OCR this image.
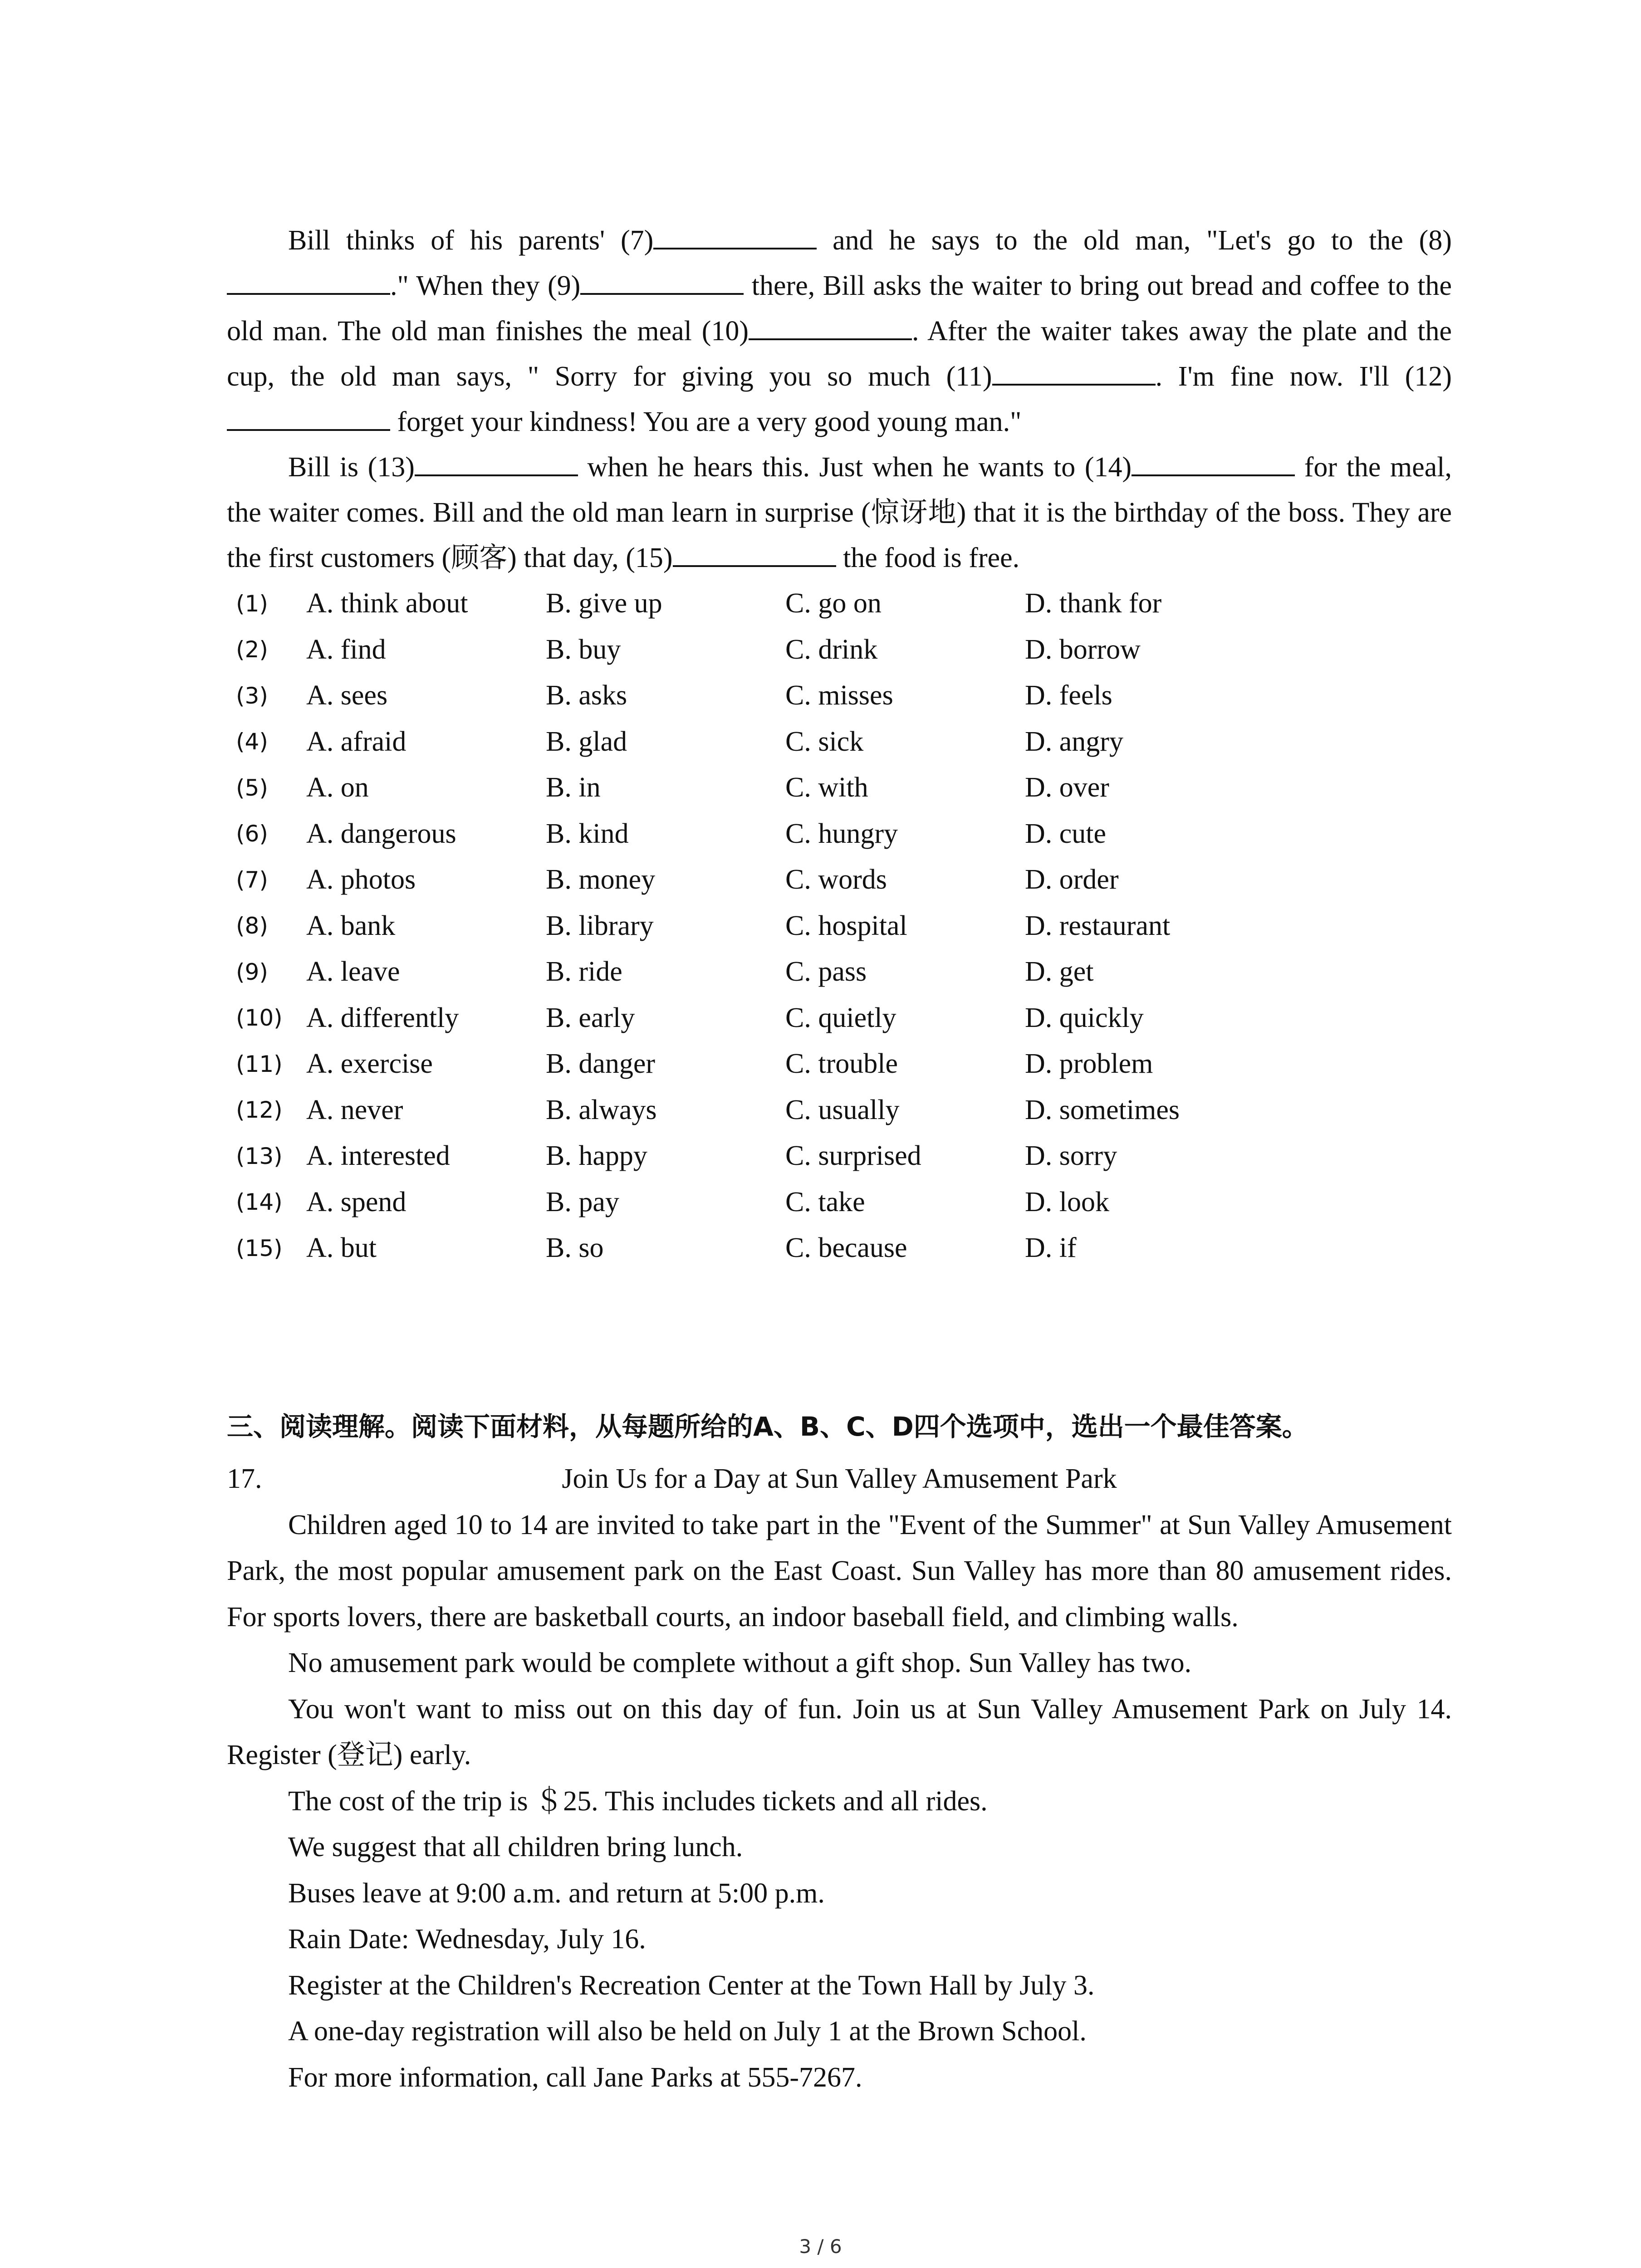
Bill thinks of his parents' (7)	and he says to the old man, "Let's go to the (8)." When they (9)	there, Bill asks the waiter to bring out bread and coffee to the old man. The old man finishes the meal (10)	. After the waiter takes away the plate and the cup, the old man says, " Sorry for giving you so much (11)	. I'm fine now. I'll (12) forget your kindness! You are a very good young man."

Bill is (13)	when he hears this. Just when he wants to (14)	for the meal, the waiter comes. Bill and the old man learn in surprise (惊讶地) that it is the birthday of the boss. They are the first customers (顾客) that day, (15)	the food is free.

(1)	A. think about	B. give up	C. go on	D. thank for
(2)	A. find	B. buy	C. drink	D. borrow
(3)	A. sees	B. asks	C. misses	D. feels
(4)	A. afraid	B. glad	C. sick	D. angry
(5)	A. on	B. in	C. with	D. over
(6)	A. dangerous	B. kind	C. hungry	D. cute
(7)	A. photos	B. money	C. words	D. order
(8)	A. bank	B. library	C. hospital	D. restaurant
(9)	A. leave	B. ride	C. pass	D. get
(10) A. differently	B. early	C. quietly	D. quickly
(11) A. exercise	B. danger	C. trouble	D. problem
(12) A. never	B. always	C. usually	D. sometimes
(13) A. interested	B. happy	C. surprised	D. sorry
(14) A. spend	B. pay	C. take	D. look
(15) A. but	B. so	C. because	D. if
三、阅读理解。阅读下面材料，从每题所给的A、B、C、D四个选项中，选出一个最佳答案。
17.	Join Us for a Day at Sun Valley Amusement Park

Children aged 10 to 14 are invited to take part in the "Event of the Summer" at Sun Valley Amusement Park, the most popular amusement park on the East Coast. Sun Valley has more than 80 amusement rides. For sports lovers, there are basketball courts, an indoor baseball field, and climbing walls.

No amusement park would be complete without a gift shop. Sun Valley has two.

You won't want to miss out on this day of fun. Join us at Sun Valley Amusement Park on July 14. Register (登记) early.

The cost of the trip is ＄25. This includes tickets and all rides.

We suggest that all children bring lunch.

Buses leave at 9:00 a.m. and return at 5:00 p.m.

Rain Date: Wednesday, July 16.

Register at the Children's Recreation Center at the Town Hall by July 3.

A one-day registration will also be held on July 1 at the Brown School.

For more information, call Jane Parks at 555-7267.

3 / 6
